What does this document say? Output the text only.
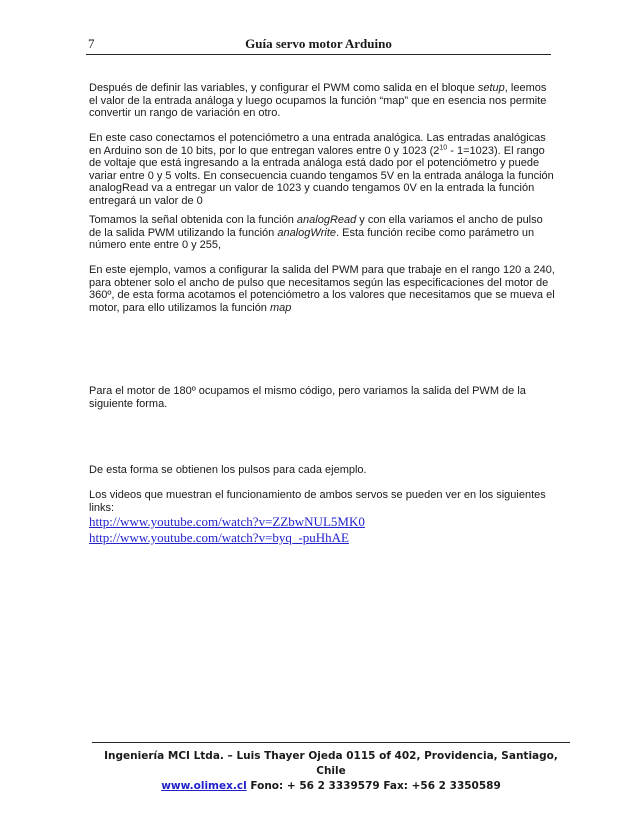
7	Guía servo motor Arduino

Después de definir las variables, y configurar el PWM como salida en el bloque setup, leemos el valor de la entrada análoga y luego ocupamos la función “map” que en esencia nos permite convertir un rango de variación en otro.

En este caso conectamos el potenciómetro a una entrada analógica. Las entradas analógicas en Arduino son de 10 bits, por lo que entregan valores entre 0 y 1023 $(2^{10} - 1=1023)$. El rango de voltaje que está ingresando a la entrada análoga está dado por el potenciómetro y puede variar entre 0 y 5 volts. En consecuencia cuando tengamos 5V en la entrada análoga la función analogRead va a entregar un valor de 1023 y cuando tengamos 0V en la entrada la función entregará un valor de 0

Tomamos la señal obtenida con la función analogRead y con ella variamos el ancho de pulso de la salida PWM utilizando la función analogWrite. Esta función recibe como parámetro un número ente entre 0 y 255,

En este ejemplo, vamos a configurar la salida del PWM para que trabaje en el rango 120 a 240, para obtener solo el ancho de pulso que necesitamos según las especificaciones del motor de 360º, de esta forma acotamos el potenciómetro a los valores que necesitamos que se mueva el motor, para ello utilizamos la función map

Para el motor de 180º ocupamos el mismo código, pero variamos la salida del PWM de la siguiente forma.

De esta forma se obtienen los pulsos para cada ejemplo.

Los videos que muestran el funcionamiento de ambos servos se pueden ver en los siguientes links:

http://www.youtube.com/watch?v=ZZbwNUL5MK0
http://www.youtube.com/watch?v=byq_-puHhAE
Ingeniería MCI Ltda. – Luis Thayer Ojeda 0115 of 402, Providencia, Santiago, Chile
www.olimex.cl Fono: + 56 2 3339579 Fax: +56 2 3350589
